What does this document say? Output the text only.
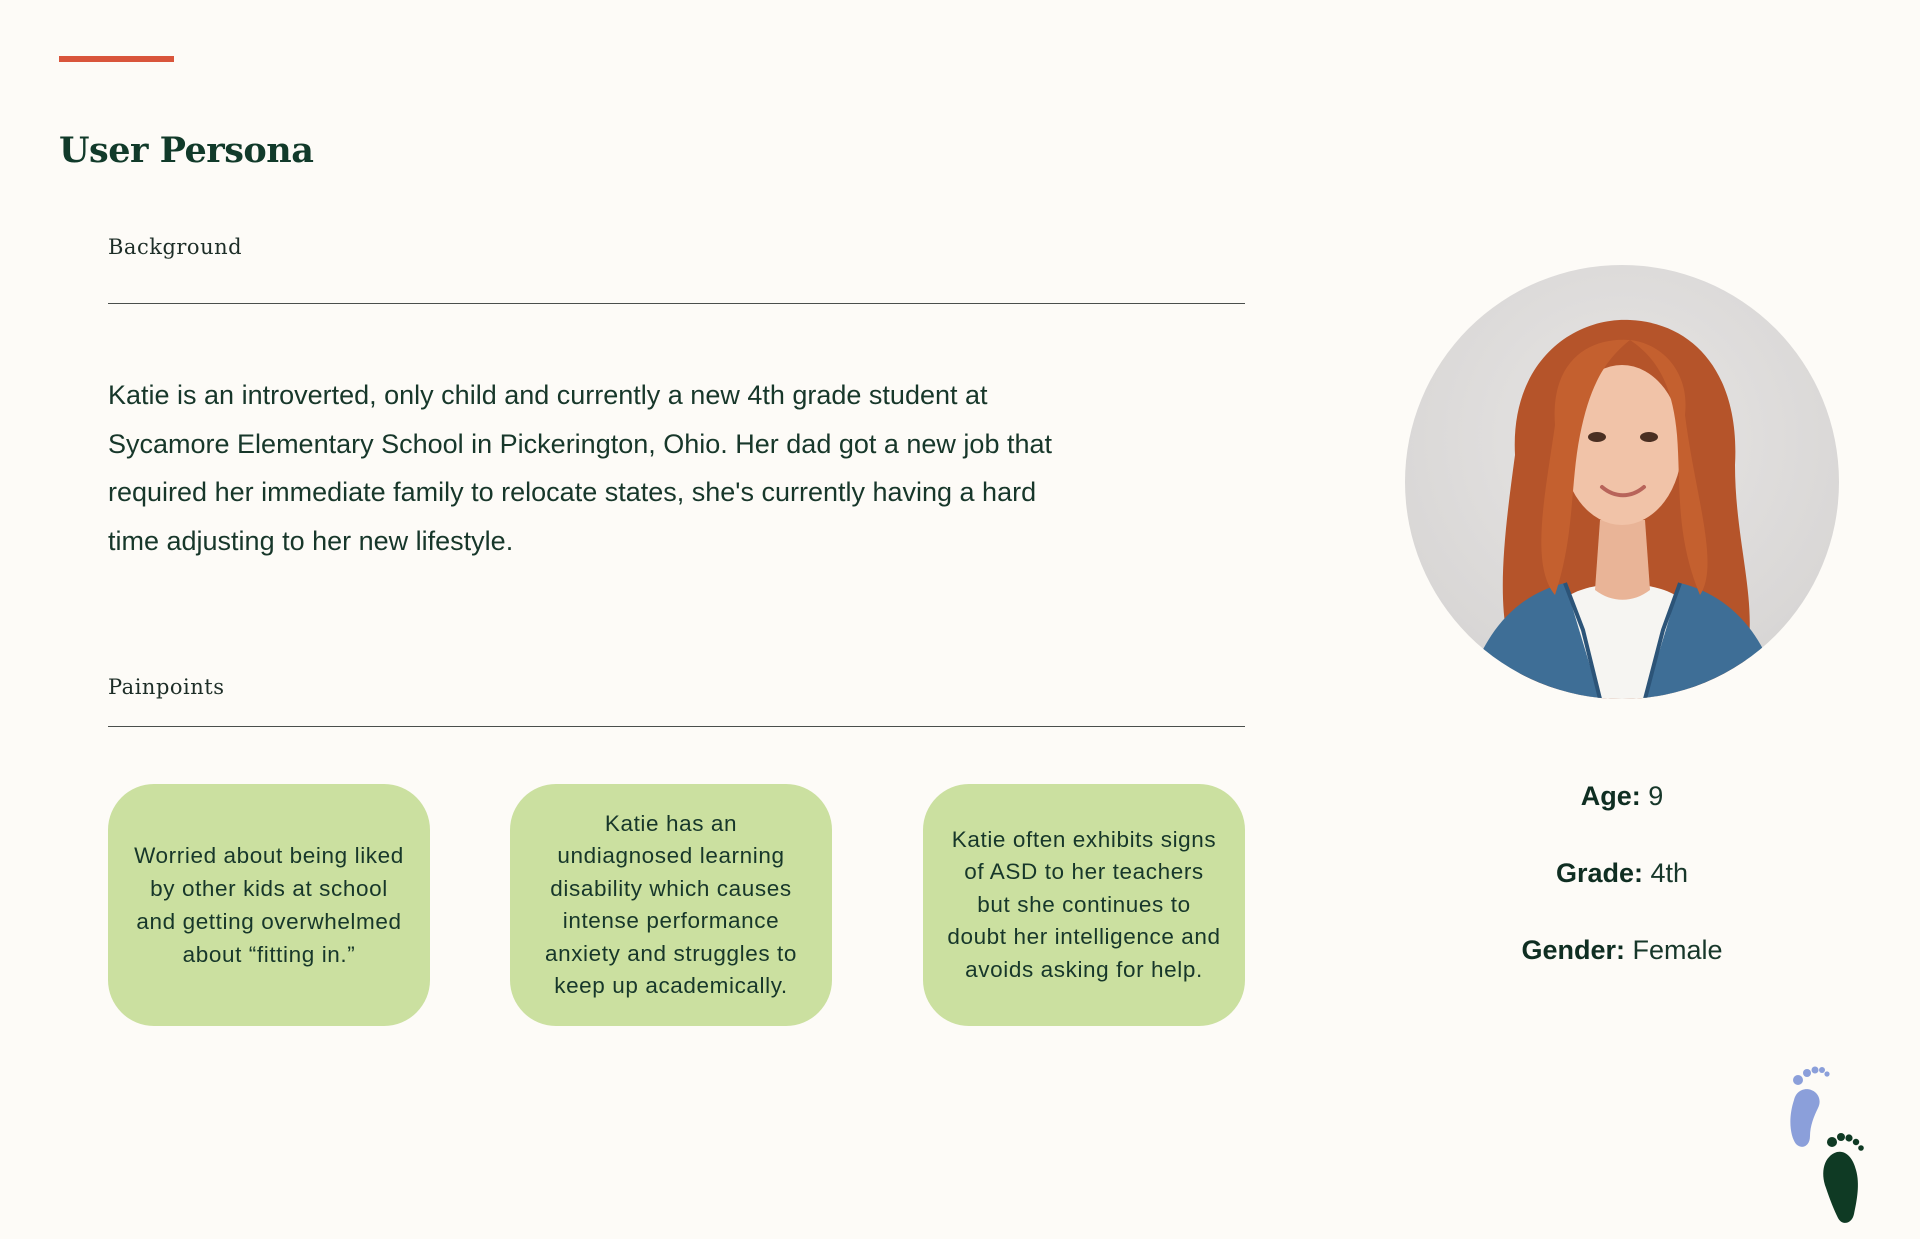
User Persona
Background

Katie is an introverted, only child and currently a new 4th grade student at Sycamore Elementary School in Pickerington, Ohio. Her dad got a new job that required her immediate family to relocate states, she's currently having a hard time adjusting to her new lifestyle.

Painpoints
Worried about being liked by other kids at school and getting overwhelmed about “fitting in.”
Katie has an undiagnosed learning disability which causes intense performance anxiety and struggles to keep up academically.
Katie often exhibits signs of ASD to her teachers but she continues to doubt her intelligence and avoids asking for help.
Age: 9
Grade: 4th
Gender: Female
